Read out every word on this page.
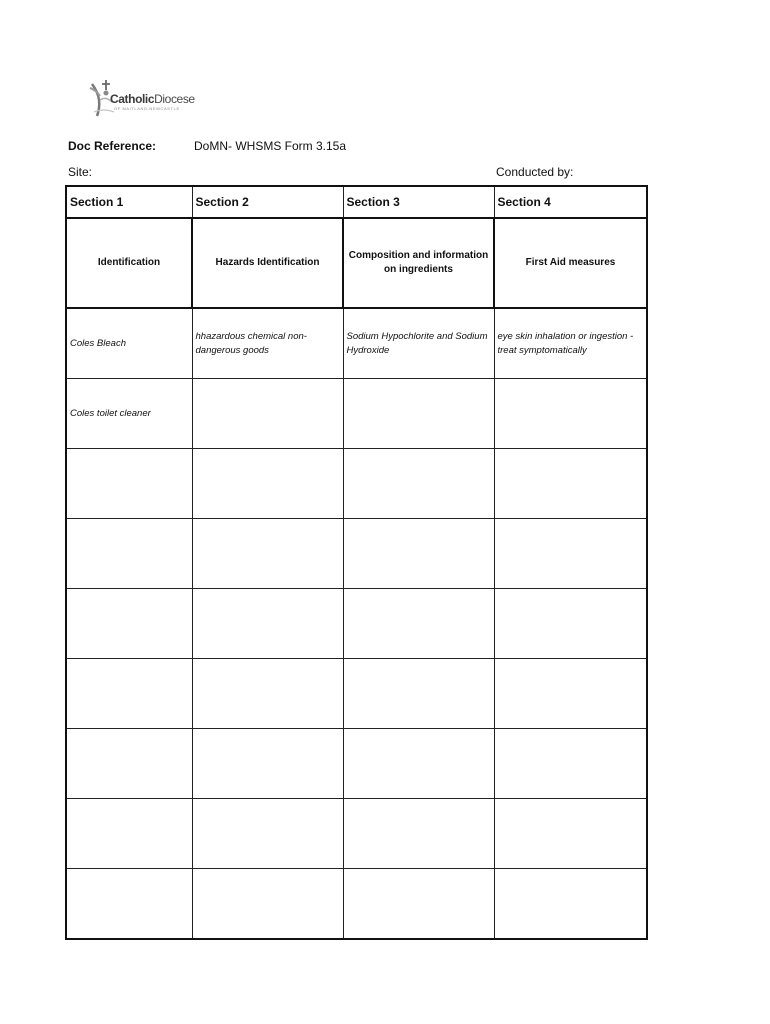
CatholicDiocese
OF MAITLAND-NEWCASTLE
Doc Reference:	DoMN- WHSMS Form 3.15a
Site:	Conducted by:
Section 1	Section 2	Section 3	Section 4
Identification	Hazards Identification	Composition and information on ingredients	First Aid measures
Coles Bleach	hhazardous chemical non-dangerous goods	Sodium Hypochlorite and Sodium Hydroxide	eye skin inhalation or ingestion - treat symptomatically
Coles toilet cleaner			
